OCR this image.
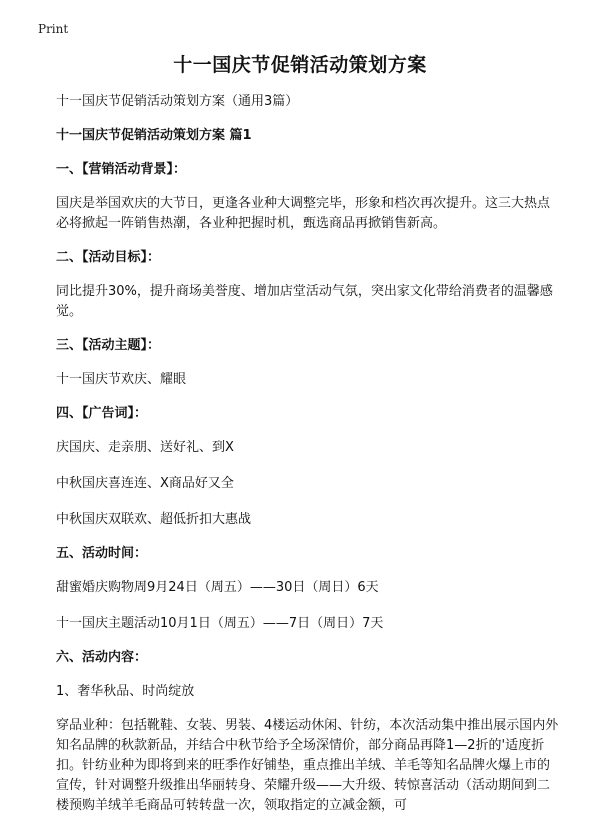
Print
十一国庆节促销活动策划方案

十一国庆节促销活动策划方案（通用3篇）

十一国庆节促销活动策划方案 篇1

一、【营销活动背景】：

国庆是举国欢庆的大节日，更逢各业种大调整完毕，形象和档次再次提升。这三大热点必将掀起一阵销售热潮，各业种把握时机，甄选商品再掀销售新高。

二、【活动目标】：

同比提升30%，提升商场美誉度、增加店堂活动气氛，突出家文化带给消费者的温馨感觉。

三、【活动主题】：

十一国庆节欢庆、耀眼

四、【广告词】：

庆国庆、走亲朋、送好礼、到X

中秋国庆喜连连、X商品好又全

中秋国庆双联欢、超低折扣大惠战

五、活动时间：

甜蜜婚庆购物周9月24日（周五）——30日（周日）6天

十一国庆主题活动10月1日（周五）——7日（周日）7天

六、活动内容：

1、奢华秋品、时尚绽放

穿品业种：包括靴鞋、女装、男装、4楼运动休闲、针纺，本次活动集中推出展示国内外知名品牌的秋款新品，并结合中秋节给予全场深情价，部分商品再降1—2折的'适度折扣。针纺业种为即将到来的旺季作好铺垫，重点推出羊绒、羊毛等知名品牌火爆上市的宣传，针对调整升级推出华丽转身、荣耀升级——大升级、转惊喜活动（活动期间到二楼预购羊绒羊毛商品可转转盘一次，领取指定的立减金额，可
